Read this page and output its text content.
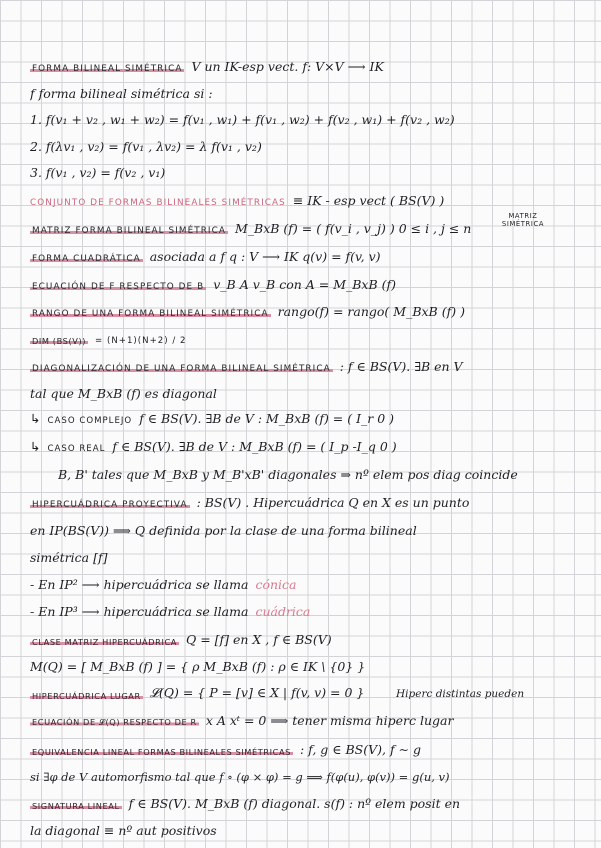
FORMA BILINEAL SIMÉTRICA V un IK-esp vect. f: V×V ⟶ IK
f forma bilineal simétrica si :
1. f(v₁ + v₂ , w₁ + w₂) = f(v₁ , w₁) + f(v₁ , w₂) + f(v₂ , w₁) + f(v₂ , w₂)
2. f(λv₁ , v₂) = f(v₁ , λv₂) = λ f(v₁ , v₂)
3. f(v₁ , v₂) = f(v₂ , v₁)
CONJUNTO DE FORMAS BILINEALES SIMÉTRICAS ≡ IK - esp vect ( BS(V) )
MATRIZ FORMA BILINEAL SIMÉTRICA M_BxB (f) = ( f(v_i , v_j) ) 0 ≤ i , j ≤ n
MATRIZ SIMÉTRICA
FORMA CUADRÁTICA asociada a f q : V ⟶ IK q(v) = f(v, v)
ECUACIÓN DE F RESPECTO DE B v_B A v_B con A = M_BxB (f)
RANGO DE UNA FORMA BILINEAL SIMÉTRICA rango(f) = rango( M_BxB (f) )
DIM (BS(V)) = (N+1)(N+2) / 2
DIAGONALIZACIÓN DE UNA FORMA BILINEAL SIMÉTRICA : f ∈ BS(V). ∃B en V
tal que M_BxB (f) es diagonal
↳ CASO COMPLEJO f ∈ BS(V). ∃B de V : M_BxB (f) = ( I_r 0 )
↳ CASO REAL f ∈ BS(V). ∃B de V : M_BxB (f) = ( I_p -I_q 0 )
B, B' tales que M_BxB y M_B'xB' diagonales ⇒ nº elem pos diag coincide
HIPERCUÁDRICA PROYECTIVA : BS(V) . Hipercuádrica Q en X es un punto
en IP(BS(V)) ⟹ Q definida por la clase de una forma bilineal
simétrica [f]
- En IP² ⟶ hipercuádrica se llama cónica
- En IP³ ⟶ hipercuádrica se llama cuádrica
CLASE MATRIZ HIPERCUÁDRICA Q = [f] en X , f ∈ BS(V)
M(Q) = [ M_BxB (f) ] = { ρ M_BxB (f) : ρ ∈ IK \ {0} }
HIPERCUÁDRICA LUGAR 𝓛(Q) = { P = [v] ∈ X | f(v, v) = 0 }	Hiperc distintas pueden
ECUACIÓN DE 𝓛(Q) RESPECTO DE R x A xᵗ = 0 ⟹ tener misma hiperc lugar
EQUIVALENCIA LINEAL FORMAS BILINEALES SIMÉTRICAS : f, g ∈ BS(V), f ∼ g
si ∃φ de V automorfismo tal que f ∘ (φ × φ) = g ⟹ f(φ(u), φ(v)) = g(u, v)
SIGNATURA LINEAL f ∈ BS(V). M_BxB (f) diagonal. s(f) : nº elem posit en
la diagonal ≡ nº aut positivos
